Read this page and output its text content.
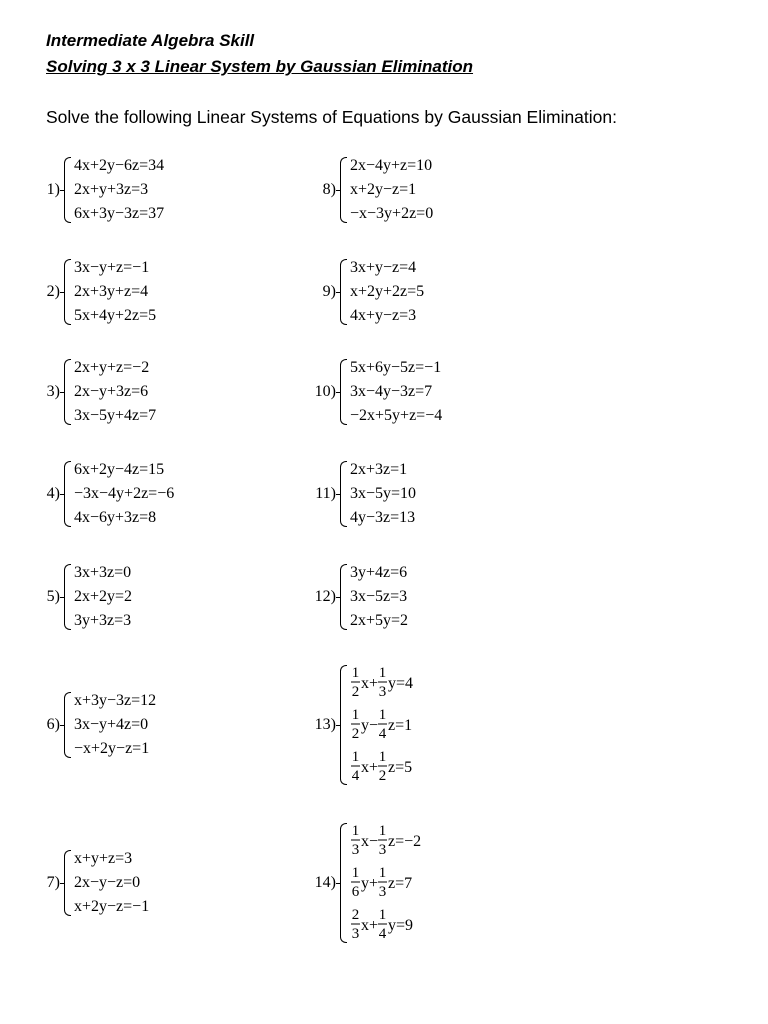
Intermediate Algebra Skill
Solving 3 x 3 Linear System by Gaussian Elimination
Solve the following Linear Systems of Equations by Gaussian Elimination:
1)
4x+2y−6z=34
2x+y+3z=3
6x+3y−3z=37
2)
3x−y+z=−1
2x+3y+z=4
5x+4y+2z=5
3)
2x+y+z=−2
2x−y+3z=6
3x−5y+4z=7
4)
6x+2y−4z=15
−3x−4y+2z=−6
4x−6y+3z=8
5)
3x+3z=0
2x+2y=2
3y+3z=3
6)
x+3y−3z=12
3x−y+4z=0
−x+2y−z=1
7)
x+y+z=3
2x−y−z=0
x+2y−z=−1
8)
2x−4y+z=10
x+2y−z=1
−x−3y+2z=0
9)
3x+y−z=4
x+2y+2z=5
4x+y−z=3
10)
5x+6y−5z=−1
3x−4y−3z=7
−2x+5y+z=−4
11)
2x+3z=1
3x−5y=10
4y−3z=13
12)
3y+4z=6
3x−5z=3
2x+5y=2
13)
1
2 x+
1
3 y=4
1
2 y−
1
4 z=1
1
4 x+
1
2 z=5
14)
1
3 x−
1
3 z=−2
1
6 y+
1
3 z=7
2
3 x+
1
4 y=9
